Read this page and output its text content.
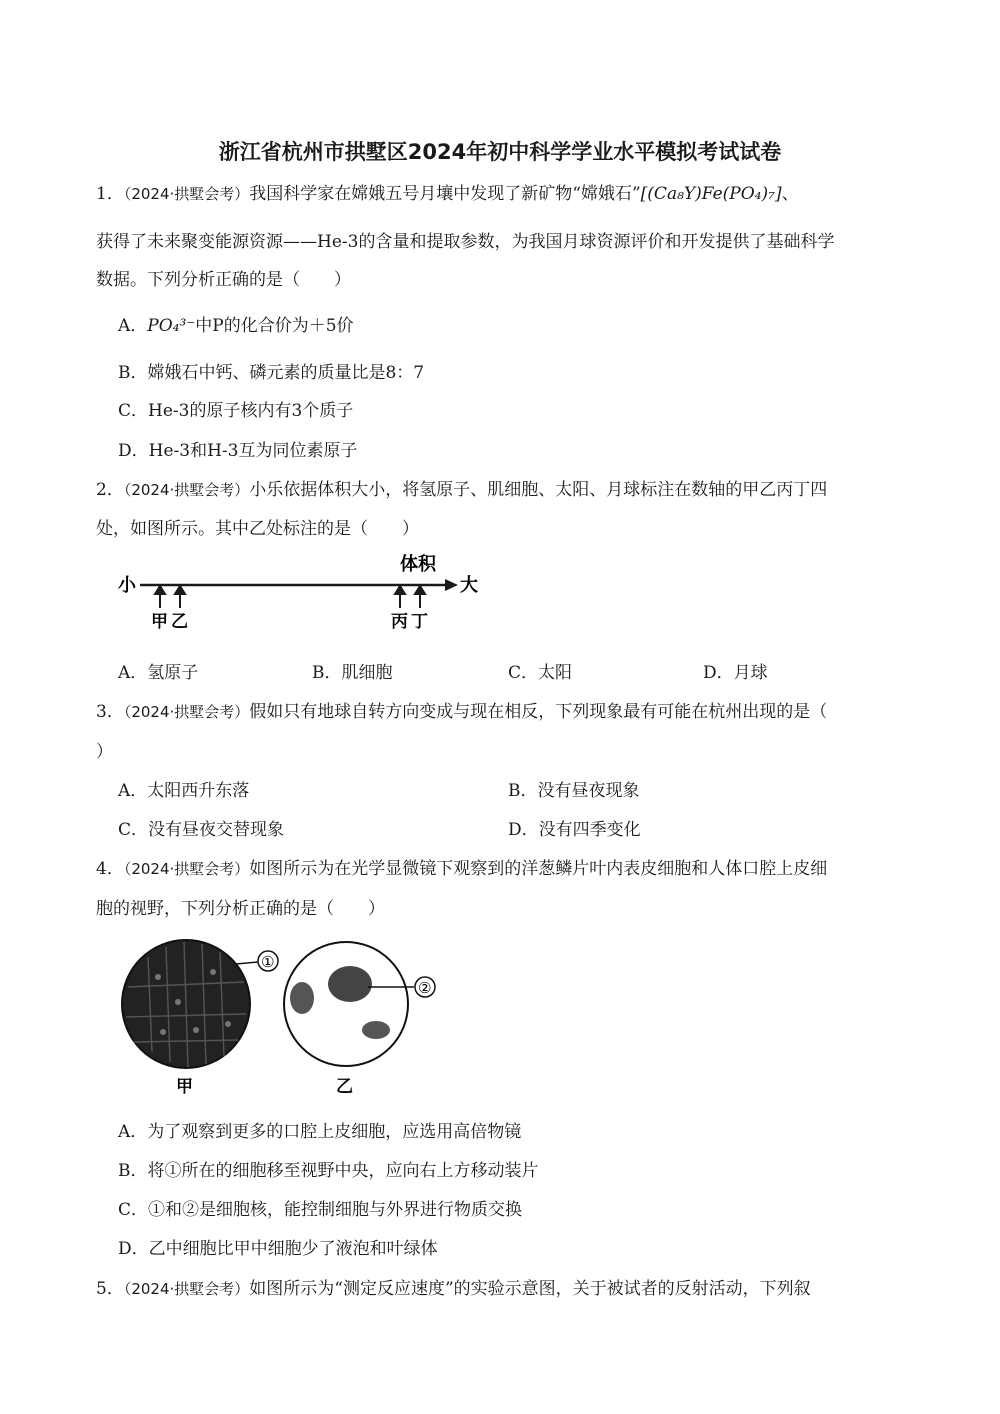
浙江省杭州市拱墅区2024年初中科学学业水平模拟考试试卷
1．（2024·拱墅会考）我国科学家在嫦娥五号月壤中发现了新矿物“嫦娥石”[(Ca₈Y)Fe(PO₄)₇]、
获得了未来聚变能源资源——He-3的含量和提取参数，为我国月球资源评价和开发提供了基础科学
数据。下列分析正确的是（　　）
A．PO₄³⁻中P的化合价为＋5价
B．嫦娥石中钙、磷元素的质量比是8：7
C．He-3的原子核内有3个质子
D．He-3和H-3互为同位素原子
2．（2024·拱墅会考）小乐依据体积大小，将氢原子、肌细胞、太阳、月球标注在数轴的甲乙丙丁四
处，如图所示。其中乙处标注的是（　　）
小	大
体积
甲 乙	丙 丁
A．氢原子	B．肌细胞	C．太阳	D．月球
3．（2024·拱墅会考）假如只有地球自转方向变成与现在相反，下列现象最有可能在杭州出现的是（
）
A．太阳西升东落	B．没有昼夜现象
C．没有昼夜交替现象	D．没有四季变化
4．（2024·拱墅会考）如图所示为在光学显微镜下观察到的洋葱鳞片叶内表皮细胞和人体口腔上皮细
胞的视野，下列分析正确的是（　　）
①
②
甲	乙
A．为了观察到更多的口腔上皮细胞，应选用高倍物镜
B．将①所在的细胞移至视野中央，应向右上方移动装片
C．①和②是细胞核，能控制细胞与外界进行物质交换
D．乙中细胞比甲中细胞少了液泡和叶绿体
5．（2024·拱墅会考）如图所示为“测定反应速度”的实验示意图，关于被试者的反射活动，下列叙
